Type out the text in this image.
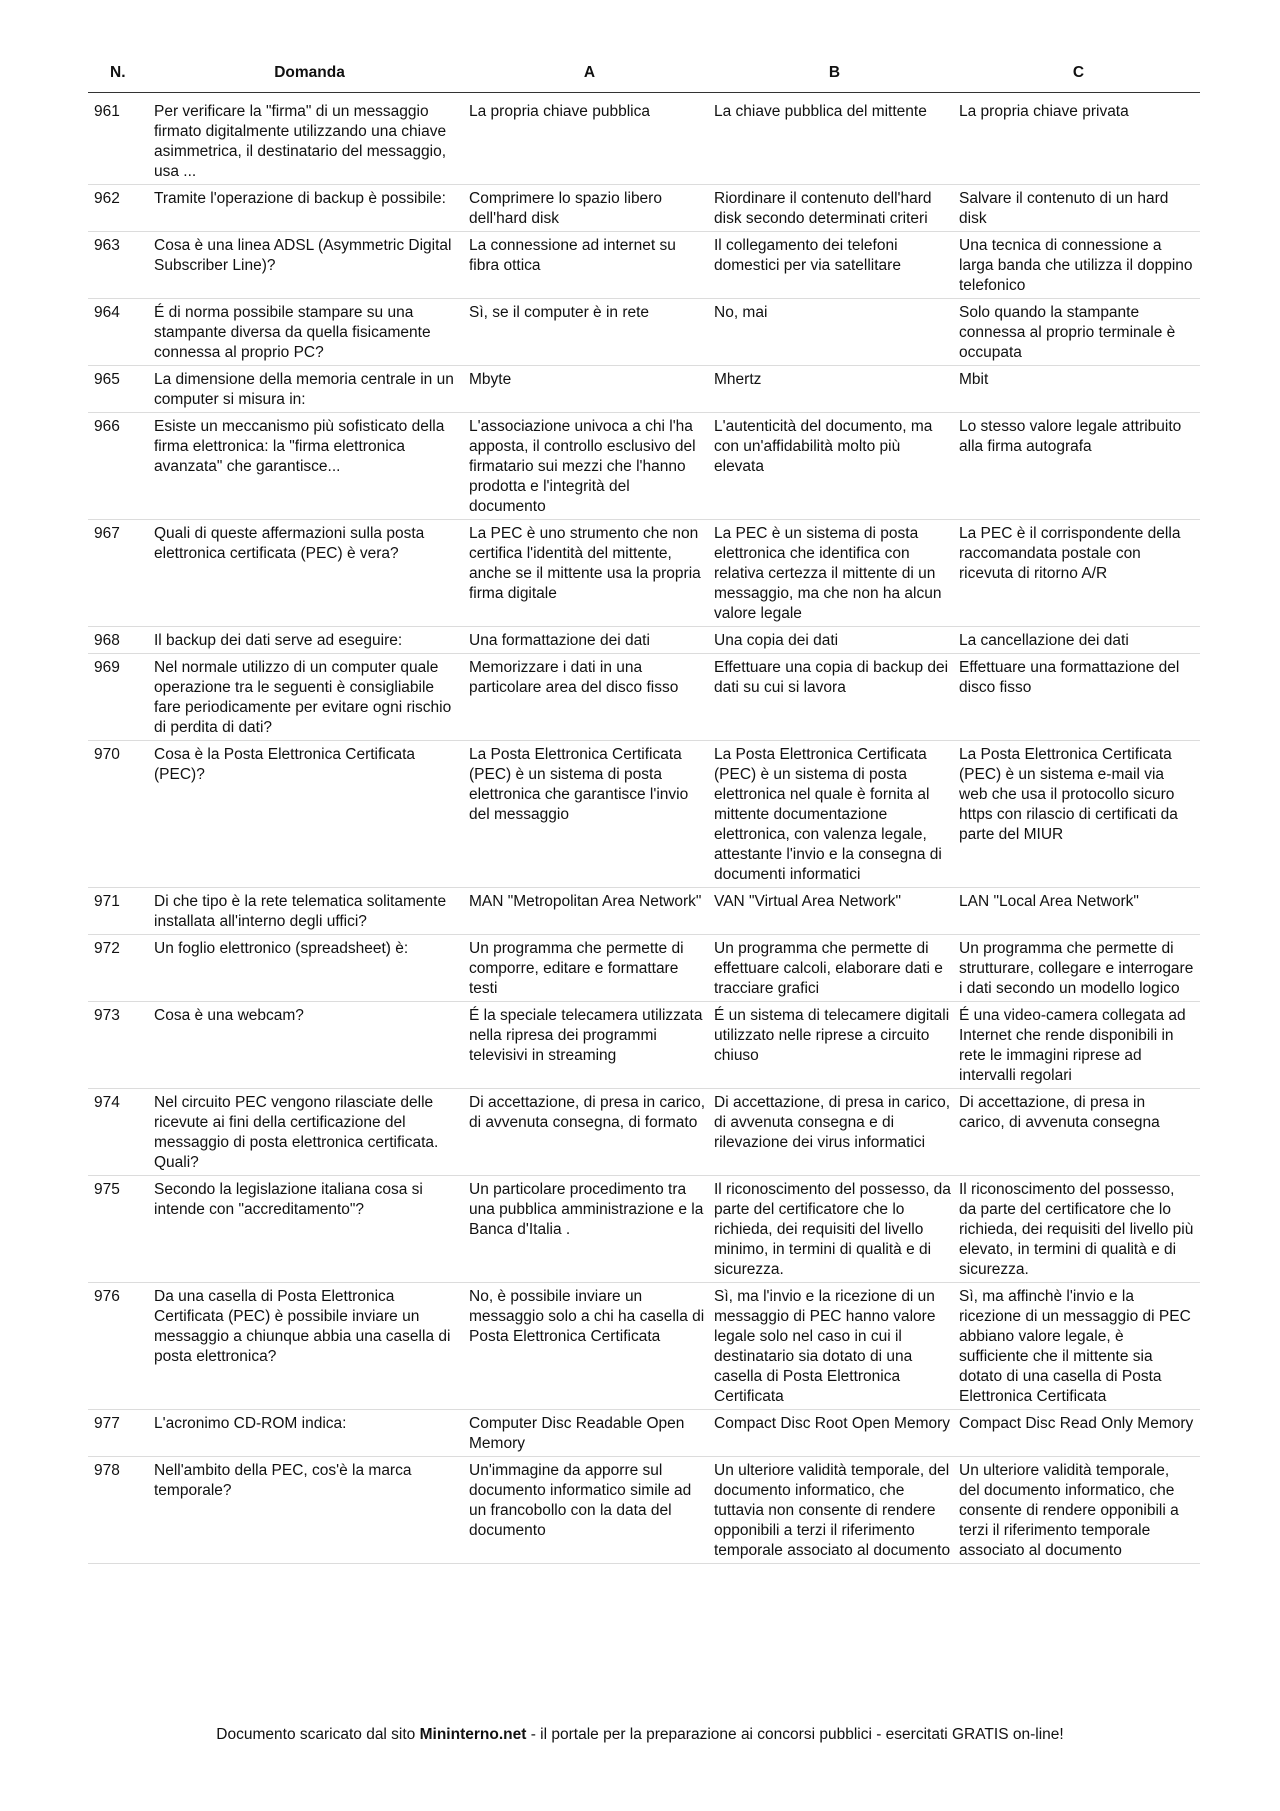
N.	Domanda	A	B	C
961	Per verificare la "firma" di un messaggio firmato digitalmente utilizzando una chiave asimmetrica, il destinatario del messaggio, usa ...	La propria chiave pubblica	La chiave pubblica del mittente	La propria chiave privata
962	Tramite l'operazione di backup è possibile:	Comprimere lo spazio libero dell'hard disk	Riordinare il contenuto dell'hard disk secondo determinati criteri	Salvare il contenuto di un hard disk
963	Cosa è una linea ADSL (Asymmetric Digital Subscriber Line)?	La connessione ad internet su fibra ottica	Il collegamento dei telefoni domestici per via satellitare	Una tecnica di connessione a larga banda che utilizza il doppino telefonico
964	É di norma possibile stampare su una stampante diversa da quella fisicamente connessa al proprio PC?	Sì, se il computer è in rete	No, mai	Solo quando la stampante connessa al proprio terminale è occupata
965	La dimensione della memoria centrale in un computer si misura in:	Mbyte	Mhertz	Mbit
966	Esiste un meccanismo più sofisticato della firma elettronica: la "firma elettronica avanzata" che garantisce...	L'associazione univoca a chi l'ha apposta, il controllo esclusivo del firmatario sui mezzi che l'hanno prodotta e l'integrità del documento	L'autenticità del documento, ma con un'affidabilità molto più elevata	Lo stesso valore legale attribuito alla firma autografa
967	Quali di queste affermazioni sulla posta elettronica certificata (PEC) è vera?	La PEC è uno strumento che non certifica l'identità del mittente, anche se il mittente usa la propria firma digitale	La PEC è un sistema di posta elettronica che identifica con relativa certezza il mittente di un messaggio, ma che non ha alcun valore legale	La PEC è il corrispondente della raccomandata postale con ricevuta di ritorno A/R
968	Il backup dei dati serve ad eseguire:	Una formattazione dei dati	Una copia dei dati	La cancellazione dei dati
969	Nel normale utilizzo di un computer quale operazione tra le seguenti è consigliabile fare periodicamente per evitare ogni rischio di perdita di dati?	Memorizzare i dati in una particolare area del disco fisso	Effettuare una copia di backup dei dati su cui si lavora	Effettuare una formattazione del disco fisso
970	Cosa è la Posta Elettronica Certificata (PEC)?	La Posta Elettronica Certificata (PEC) è un sistema di posta elettronica che garantisce l'invio del messaggio	La Posta Elettronica Certificata (PEC) è un sistema di posta elettronica nel quale è fornita al mittente documentazione elettronica, con valenza legale, attestante l'invio e la consegna di documenti informatici	La Posta Elettronica Certificata (PEC) è un sistema e-mail via web che usa il protocollo sicuro https con rilascio di certificati da parte del MIUR
971	Di che tipo è la rete telematica solitamente installata all'interno degli uffici?	MAN "Metropolitan Area Network"	VAN "Virtual Area Network"	LAN "Local Area Network"
972	Un foglio elettronico (spreadsheet) è:	Un programma che permette di comporre, editare e formattare testi	Un programma che permette di effettuare calcoli, elaborare dati e tracciare grafici	Un programma che permette di strutturare, collegare e interrogare i dati secondo un modello logico
973	Cosa è una webcam?	É la speciale telecamera utilizzata nella ripresa dei programmi televisivi in streaming	É un sistema di telecamere digitali utilizzato nelle riprese a circuito chiuso	É una video-camera collegata ad Internet che rende disponibili in rete le immagini riprese ad intervalli regolari
974	Nel circuito PEC vengono rilasciate delle ricevute ai fini della certificazione del messaggio di posta elettronica certificata. Quali?	Di accettazione, di presa in carico, di avvenuta consegna, di formato	Di accettazione, di presa in carico, di avvenuta consegna e di rilevazione dei virus informatici	Di accettazione, di presa in carico, di avvenuta consegna
975	Secondo la legislazione italiana cosa si intende con "accreditamento"?	Un particolare procedimento tra una pubblica amministrazione e la Banca d'Italia .	Il riconoscimento del possesso, da parte del certificatore che lo richieda, dei requisiti del livello minimo, in termini di qualità e di sicurezza.	Il riconoscimento del possesso, da parte del certificatore che lo richieda, dei requisiti del livello più elevato, in termini di qualità e di sicurezza.
976	Da una casella di Posta Elettronica Certificata (PEC) è possibile inviare un messaggio a chiunque abbia una casella di posta elettronica?	No, è possibile inviare un messaggio solo a chi ha casella di Posta Elettronica Certificata	Sì, ma l'invio e la ricezione di un messaggio di PEC hanno valore legale solo nel caso in cui il destinatario sia dotato di una casella di Posta Elettronica Certificata	Sì, ma affinchè l'invio e la ricezione di un messaggio di PEC abbiano valore legale, è sufficiente che il mittente sia dotato di una casella di Posta Elettronica Certificata
977	L'acronimo CD-ROM indica:	Computer Disc Readable Open Memory	Compact Disc Root Open Memory	Compact Disc Read Only Memory
978	Nell'ambito della PEC, cos'è la marca temporale?	Un'immagine da apporre sul documento informatico simile ad un francobollo con la data del documento	Un ulteriore validità temporale, del documento informatico, che tuttavia non consente di rendere opponibili a terzi il riferimento temporale associato al documento	Un ulteriore validità temporale, del documento informatico, che consente di rendere opponibili a terzi il riferimento temporale associato al documento
Documento scaricato dal sito Mininterno.net - il portale per la preparazione ai concorsi pubblici - esercitati GRATIS on-line!
